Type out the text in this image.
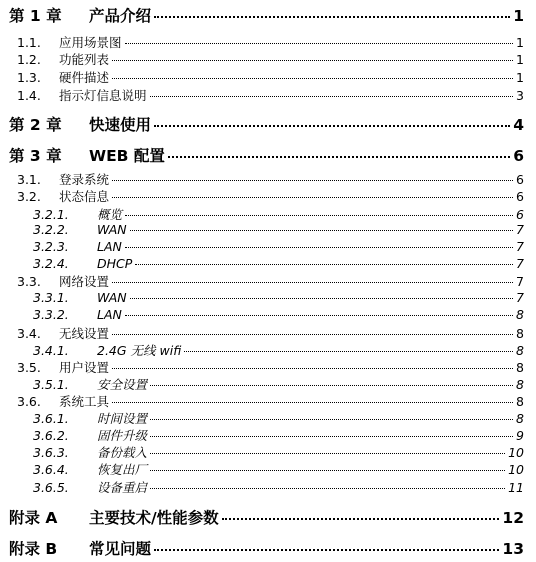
第 1 章	产品介绍	1
1.1.	应用场景图	1
1.2.	功能列表	1
1.3.	硬件描述	1
1.4.	指示灯信息说明	3
第 2 章	快速使用	4
第 3 章	WEB 配置	6
3.1.	登录系统	6
3.2.	状态信息	6
3.2.1.	概览	6
3.2.2.	WAN	7
3.2.3.	LAN	7
3.2.4.	DHCP	7
3.3.	网络设置	7
3.3.1.	WAN	7
3.3.2.	LAN	8
3.4.	无线设置	8
3.4.1.	2.4G 无线 wifi	8
3.5.	用户设置	8
3.5.1.	安全设置	8
3.6.	系统工具	8
3.6.1.	时间设置	8
3.6.2.	固件升级	9
3.6.3.	备份载入	10
3.6.4.	恢复出厂	10
3.6.5.	设备重启	11
附录 A	主要技术/性能参数	12
附录 B	常见问题	13
